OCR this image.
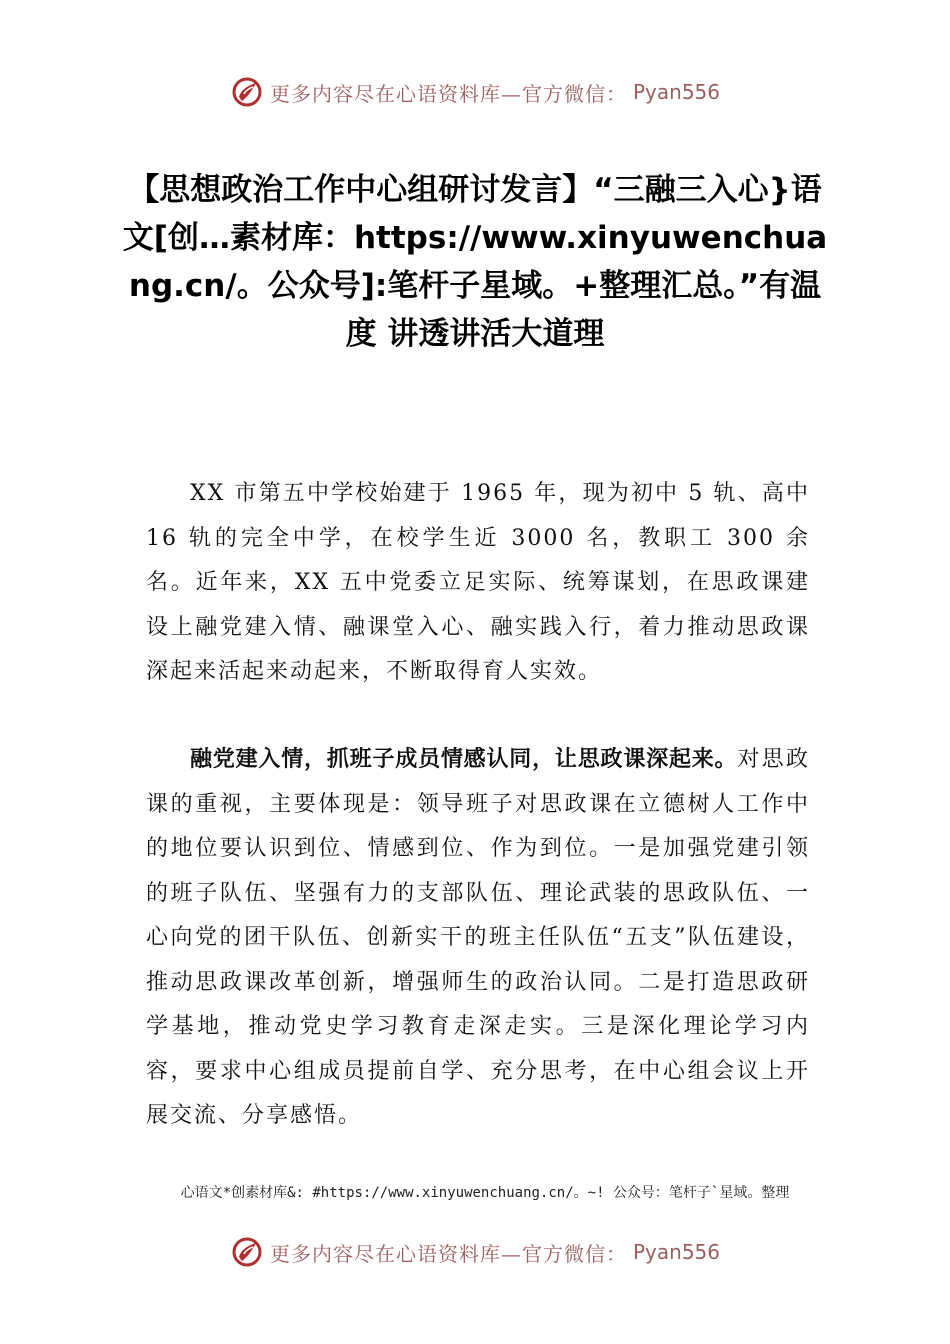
更多内容尽在心语资料库—官方微信： Pyan556
【思想政治工作中心组研讨发言】“三融三入心}语文[创…素材库：https://www.xinyuwenchuang.cn/。公众号]:笔杆子星域。+整理汇总。”有温度 讲透讲活大道理

XX 市第五中学校始建于 1965 年，现为初中 5 轨、高中 16 轨的完全中学，在校学生近 3000 名，教职工 300 余名。近年来，XX 五中党委立足实际、统筹谋划，在思政课建设上融党建入情、融课堂入心、融实践入行，着力推动思政课深起来活起来动起来，不断取得育人实效。

融党建入情，抓班子成员情感认同，让思政课深起来。对思政课的重视，主要体现是：领导班子对思政课在立德树人工作中的地位要认识到位、情感到位、作为到位。一是加强党建引领的班子队伍、坚强有力的支部队伍、理论武装的思政队伍、一心向党的团干队伍、创新实干的班主任队伍“五支”队伍建设，推动思政课改革创新，增强师生的政治认同。二是打造思政研学基地，推动党史学习教育走深走实。三是深化理论学习内容，要求中心组成员提前自学、充分思考，在中心组会议上开展交流、分享感悟。

心语文*创素材库&: #https://www.xinyuwenchuang.cn/。~! 公众号：笔杆子`星域。整理
更多内容尽在心语资料库—官方微信： Pyan556
